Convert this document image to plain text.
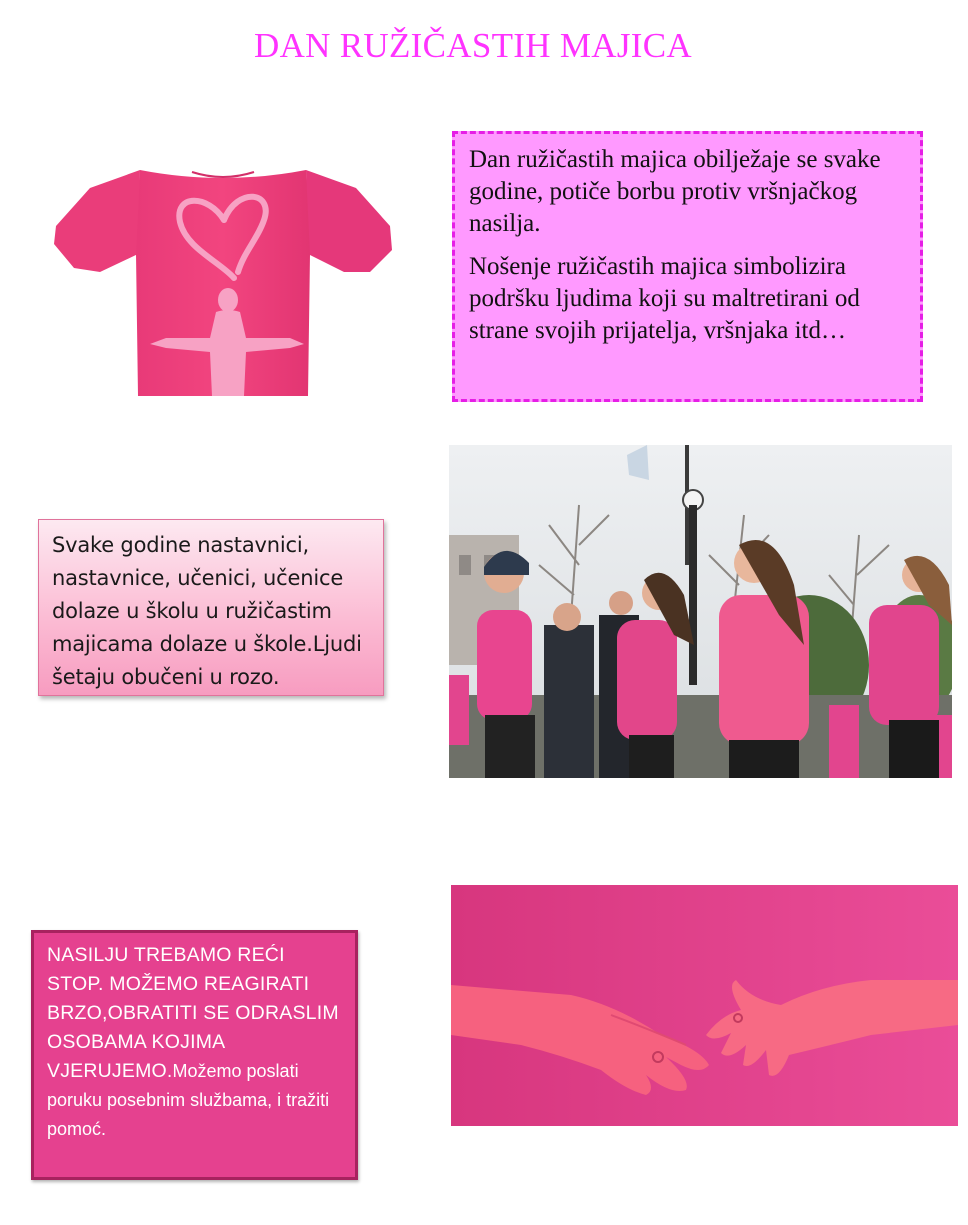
DAN RUŽIČASTIH MAJICA

Dan ružičastih majica obilježaje se svake godine, potiče borbu protiv vršnjačkog nasilja.

Nošenje ružičastih majica simbolizira podršku ljudima koji su maltretirani od strane svojih prijatelja, vršnjaka itd…

Svake godine nastavnici, nastavnice, učenici, učenice dolaze u školu u ružičastim majicama dolaze u škole.Ljudi šetaju obučeni u rozo.
NASILJU TREBAMO REĆI STOP. MOŽEMO REAGIRATI BRZO,OBRATITI SE ODRASLIM OSOBAMA KOJIMA VJERUJEMO.Možemo poslati poruku posebnim službama, i tražiti pomoć.
